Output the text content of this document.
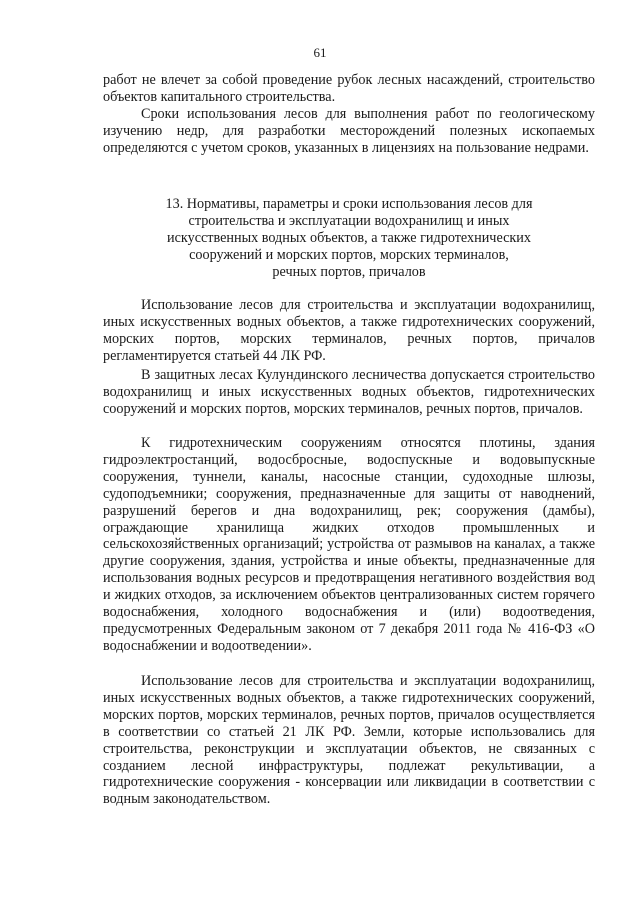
61

работ не влечет за собой проведение рубок лесных насаждений, строительство объектов капитального строительства.

Сроки использования лесов для выполнения работ по геологическому изучению недр, для разработки месторождений полезных ископаемых определяются с учетом сроков, указанных в лицензиях на пользование недрами.

13. Нормативы, параметры и сроки использования лесов для
строительства и эксплуатации водохранилищ и иных
искусственных водных объектов, а также гидротехнических
сооружений и морских портов, морских терминалов,
речных портов, причалов

Использование лесов для строительства и эксплуатации водохранилищ, иных искусственных водных объектов, а также гидротехнических сооружений, морских портов, морских терминалов, речных портов, причалов регламентируется статьей 44 ЛК РФ.

В защитных лесах Кулундинского лесничества допускается строительство водохранилищ и иных искусственных водных объектов, гидротехнических сооружений и морских портов, морских терминалов, речных портов, причалов.

К гидротехническим сооружениям относятся плотины, здания гидроэлектростанций, водосбросные, водоспускные и водовыпускные сооружения, туннели, каналы, насосные станции, судоходные шлюзы, судоподъемники; сооружения, предназначенные для защиты от наводнений, разрушений берегов и дна водохранилищ, рек; сооружения (дамбы), ограждающие хранилища жидких отходов промышленных и сельскохозяйственных организаций; устройства от размывов на каналах, а также другие сооружения, здания, устройства и иные объекты, предназначенные для использования водных ресурсов и предотвращения негативного воздействия вод и жидких отходов, за исключением объектов централизованных систем горячего водоснабжения, холодного водоснабжения и (или) водоотведения, предусмотренных Федеральным законом от 7 декабря 2011 года № 416-ФЗ «О водоснабжении и водоотведении».

Использование лесов для строительства и эксплуатации водохранилищ, иных искусственных водных объектов, а также гидротехнических сооружений, морских портов, морских терминалов, речных портов, причалов осуществляется в соответствии со статьей 21 ЛК РФ. Земли, которые использовались для строительства, реконструкции и эксплуатации объектов, не связанных с созданием лесной инфраструктуры, подлежат рекультивации, а гидротехнические сооружения - консервации или ликвидации в соответствии с водным законодательством.
